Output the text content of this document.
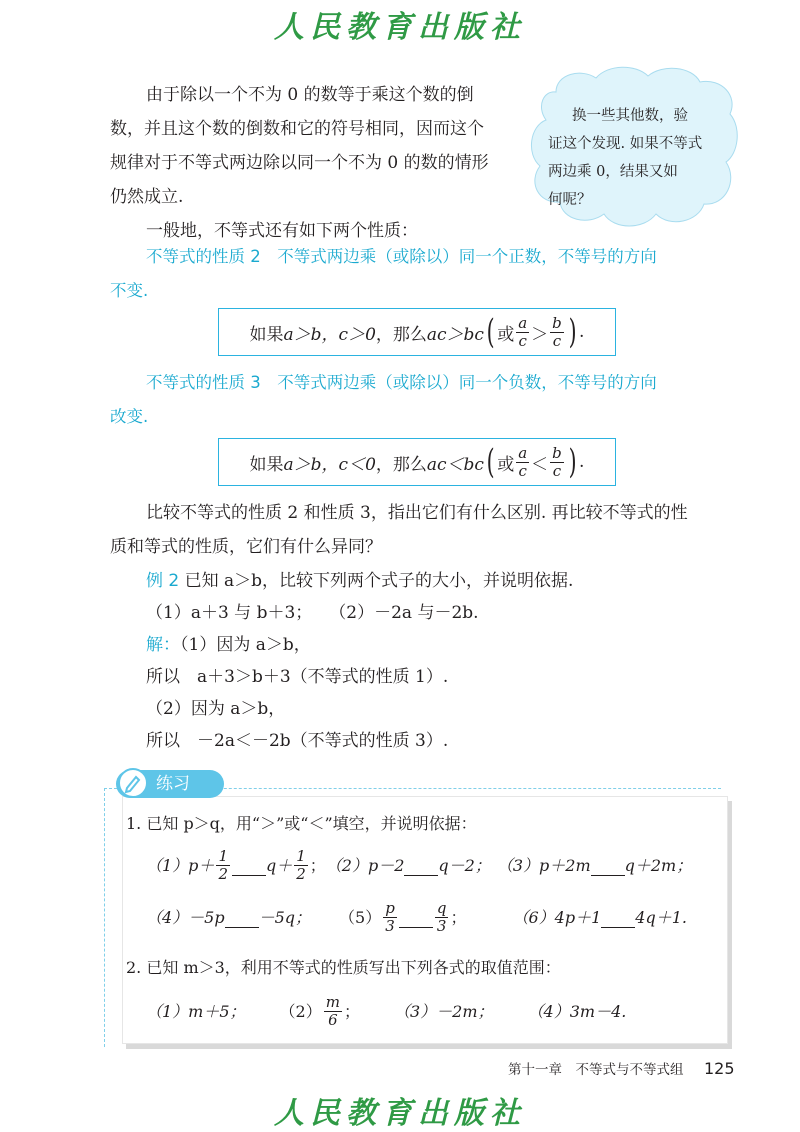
人民教育出版社
由于除以一个不为 0 的数等于乘这个数的倒
数，并且这个数的倒数和它的符号相同，因而这个
规律对于不等式两边除以同一个不为 0 的数的情形
仍然成立.
一般地，不等式还有如下两个性质：
换一些其他数，验
证这个发现. 如果不等式
两边乘 0，结果又如
何呢？
不等式的性质 2　不等式两边乘（或除以）同一个正数，不等号的方向
不变.
如果 a＞b，c＞0 ，那么 ac＞bc ( 或 $\frac{a}{c} > \frac{b}{c}$ ) .
不等式的性质 3　不等式两边乘（或除以）同一个负数，不等号的方向
改变.
如果 a＞b，c＜0 ，那么 ac＜bc ( 或 $\frac{a}{c} < \frac{b}{c}$ ) .
比较不等式的性质 2 和性质 3，指出它们有什么区别. 再比较不等式的性
质和等式的性质，它们有什么异同？
例 2 已知 a＞b，比较下列两个式子的大小，并说明依据.
（1）a＋3 与 b＋3；　　（2）－2a 与－2b.
解：（1）因为 a＞b，
所以　a＋3＞b＋3（不等式的性质 1）.
（2）因为 a＞b，
所以　－2a＜－2b（不等式的性质 3）.
练习
1. 已知 p＞q，用“＞”或“＜”填空，并说明依据：
$(1)p+ \frac{1}{2} q+ \frac{1}{2}$ ； （2）p－2 q－2； （3）p＋2m q＋2m；
（4）－5p －5q； $(5) \frac{p}{3}$	$\frac{q}{3}$ ；	（6）4p＋1 4q＋1.
2. 已知 m＞3，利用不等式的性质写出下列各式的取值范围：
（1）m＋5； $(2) \frac{m}{6}$ ； （3）－2m； （4）3m－4.
第十一章　不等式与不等式组 125
人民教育出版社
